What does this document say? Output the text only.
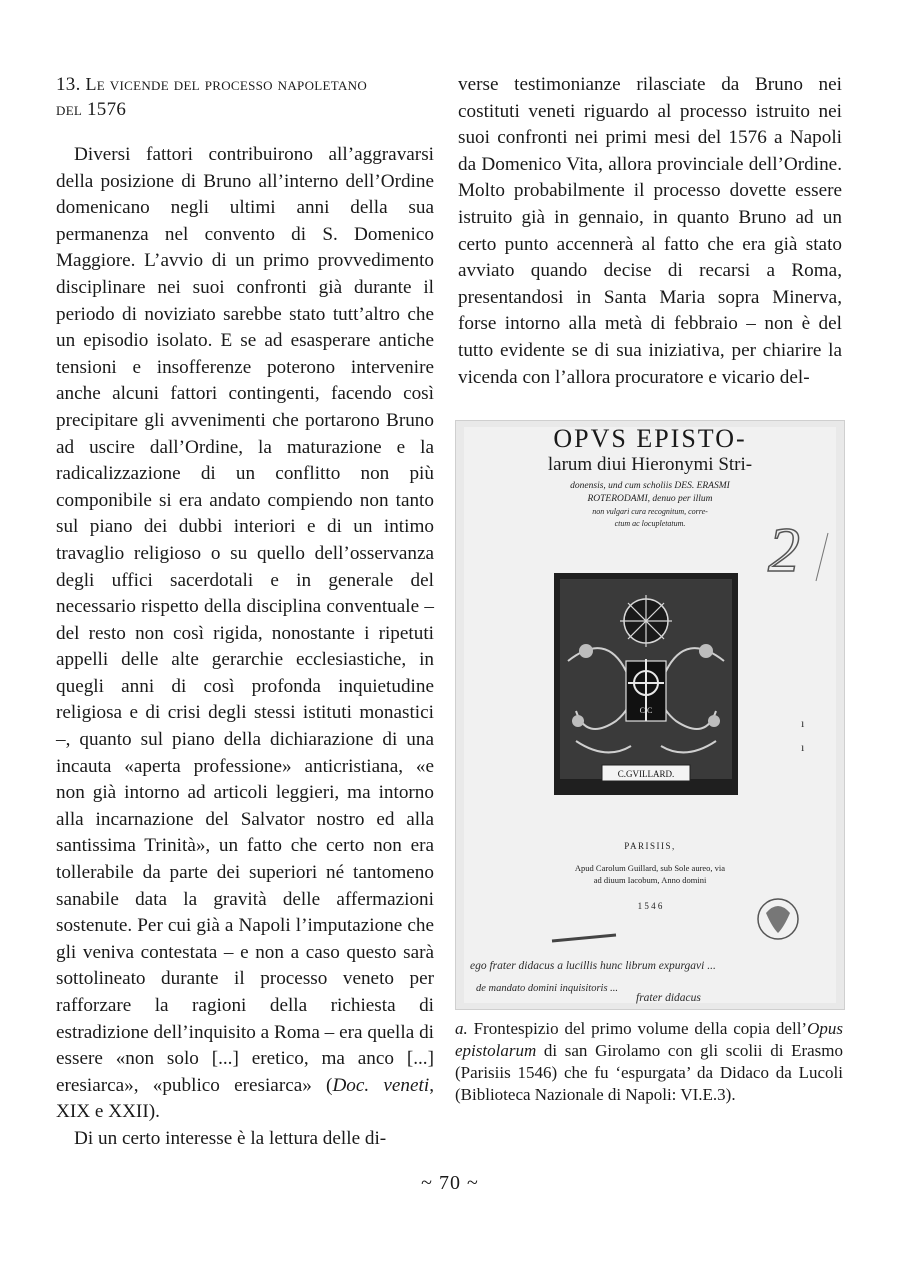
13. Le vicende del processo napoletano
del 1576

Diversi fattori contribuirono all’aggravarsi della posizione di Bruno all’interno dell’Ordine domenicano negli ultimi anni della sua permanenza nel convento di S. Domenico Maggiore. L’avvio di un primo provvedimento disciplinare nei suoi confronti già durante il periodo di noviziato sarebbe stato tutt’altro che un episodio isolato. E se ad esasperare antiche tensioni e insofferenze poterono intervenire anche alcuni fattori contingenti, facendo così precipitare gli avvenimenti che portarono Bruno ad uscire dall’Ordine, la maturazione e la radicalizzazione di un conflitto non più componibile si era andato compiendo non tanto sul piano dei dubbi interiori e di un intimo travaglio religioso o su quello dell’osservanza degli uffici sacerdotali e in generale del necessario rispetto della disciplina conventuale – del resto non così rigida, nonostante i ripetuti appelli delle alte gerarchie ecclesiastiche, in quegli anni di così profonda inquietudine religiosa e di crisi degli stessi istituti monastici –, quanto sul piano della dichiarazione di una incauta «aperta professione» anticristiana, «e non già intorno ad articoli leggieri, ma intorno alla incarnazione del Salvator nostro ed alla santissima Trinità», un fatto che certo non era tollerabile da parte dei superiori né tantomeno sanabile data la gravità delle affermazioni sostenute. Per cui già a Napoli l’imputazione che gli veniva contestata – e non a caso questo sarà sottolineato durante il processo veneto per rafforzare la ragioni della richiesta di estradizione dell’inquisito a Roma – era quella di essere «non solo [...] eretico, ma anco [...] eresiarca», «publico eresiarca» (Doc. veneti, XIX e XXII).

Di un certo interesse è la lettura delle di-

verse testimonianze rilasciate da Bruno nei costituti veneti riguardo al processo istruito nei suoi confronti nei primi mesi del 1576 a Napoli da Domenico Vita, allora provinciale dell’Ordine. Molto probabilmente il processo dovette essere istruito già in gennaio, in quanto Bruno ad un certo punto accennerà al fatto che era già stato avviato quando decise di recarsi a Roma, presentandosi in Santa Maria sopra Minerva, forse intorno alla metà di febbraio – non è del tutto evidente se di sua iniziativa, per chiarire la vicenda con l’allora procuratore e vicario del-

OPVS EPISTO-
larum diui Hieronymi Stri-
donensis, und cum scholiis DES. ERASMI
ROTERODAMI, denuo per illum
non vulgari cura recognitum, corre-
ctum ac locupletatum. 2
C.C
C.GVILLARD.
ı
ı
PARISIIS,
Apud Carolum Guillard, sub Sole aureo, via
ad diuum Iacobum, Anno domini
1 5 4 6
ego frater didacus a lucillis hunc librum expurgavi ...
de mandato domini inquisitoris ...
frater didacus

a. Frontespizio del primo volume della copia dell’Opus epistolarum di san Girolamo con gli scolii di Erasmo (Parisiis 1546) che fu ‘espurgata’ da Didaco da Lucoli (Biblioteca Nazionale di Napoli: VI.E.3).

~ 70 ~
